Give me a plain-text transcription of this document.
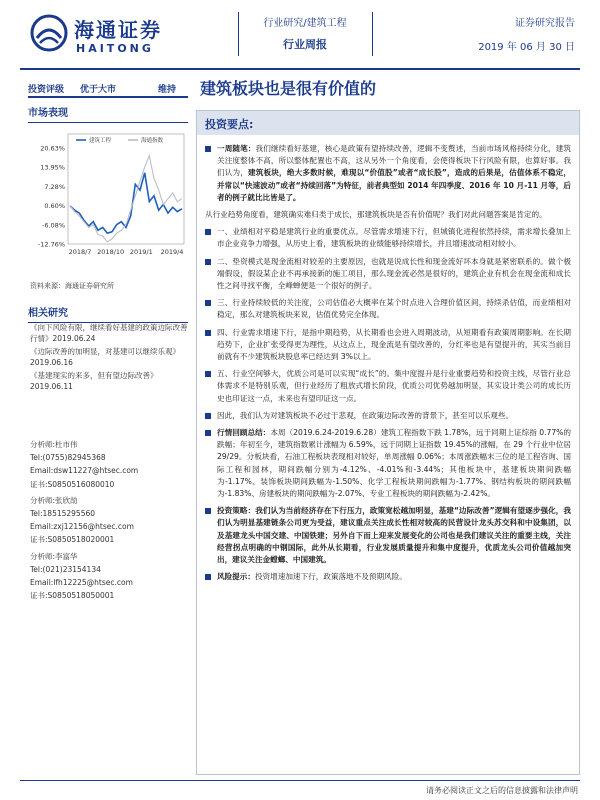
海通证券
HAITONG
行业研究/建筑工程
行业周报
证券研究报告
2019 年 06 月 30 日
投资评级 优于大市	维持 建筑板块也是很有价值的
市场表现
20.63%
13.95%
7.28%
0.60%
-6.08%
-12.76%
2018/7 2018/10 2019/1 2019/4
建筑工程	海通指数
资料来源：海通证券研究所
相关研究
《向下风险有限，继续看好基建的政策边际改善行情》2019.06.24
《边际改善的加明显，对基建可以继续乐观》2019.06.16
《基建现实的来多，但有望边际改善》2019.06.11
分析师:杜市伟
Tel:(0755)82945368
Email:dsw11227@htsec.com
证书:S0850516080010
分析师:张欣劼
Tel:18515295560
Email:zxj12156@htsec.com
证书:S0850518020001
分析师:李富华
Tel:(021)23154134
Email:lfh12225@htsec.com
证书:S0850518050001
投资要点:
一周随笔：我们继续看好基建，核心是政策有望持续改善，逻辑不变赘述，当前市场风格持续分化，建筑关注度整体不高，所以整体配置也不高，这从另外一个角度看，会使得板块下行风险有限，也算好事。我们认为，建筑板块，绝大多数时候，难现以“价值股”或者“成长股”，造成的后果是，估值体系不稳定，并常以“快速波动”或者“持续回落”为特征，前者典型如 2014 年四季度、2016 年 10 月-11 月等，后者的例子就比比皆是了。
从行业趋势角度看，建筑确实难归类于成长，那建筑板块是否有价值呢？我们对此问题答案是肯定的。
一、业绩相对平稳是建筑行业的重要优点。尽管需求增速下行，但城镇化进程依然持续，需求增长叠加上市企业竞争力增强，从历史上看，建筑板块的业绩能够持续增长，并且增速波动相对较小。
二、垫资模式是现金流相对较差的主要原因，也就是说成长性和现金流好坏本身就是紧密联系的。做个极端假设，假设某企业不再承接新的施工项目，那么现金流必然是很好的，建筑企业有机会在现金流和成长性之间寻找平衡，全峰蝉便是一个很好的例子。
三、行业持续较低的关注度，公司估值必大概率在某个时点进入合理价值区间，持续杀估值，而业绩相对稳定，那么对建筑板块来说，估值优势完全体现。
四、行业需求增速下行，是指中期趋势，从长期看也会进入周期波动，从短期看有政策周期影响。在长期趋势下，企业扩张受得更为理性，从这点上，现金流是有望改善的，分红率也是有望提升的，其实当前目前就有不少建筑板块股息率已经达到 3%以上。
五、行业空间够大，优质公司是可以实现“成长”的。集中度提升是行业重要趋势和投资主线，尽管行业总体需求不是特别乐观，但行业经历了粗放式增长阶段，优质公司优势越加明显，其实设计类公司的成长历史也印证这一点，未来也有望印证这一点。
因此，我们认为对建筑板块不必过于悲观，在政策边际改善的背景下，甚至可以乐观些。
行情回顾总结：本周（2019.6.24-2019.6.28）建筑工程指数下跌 1.78%，远于同期上证综指 0.77%的跌幅；年初至今，建筑指数累计涨幅为 6.59%，远于同期上证指数 19.45%的涨幅，在 29 个行业中位居 29/29。分板块看，石油工程板块表现相对较好，单周涨幅 0.06%；本周涨跌幅末三位的是工程咨询、国际工程和园林，期间跌幅分别为-4.12%、-4.01%和-3.44%；其他板块中，基建板块期间跌幅为-1.17%、装饰板块期间跌幅为-1.50%、化学工程板块期间跌幅为-1.77%、钢结构板块的期间跌幅为-1.83%、房建板块的期间跌幅为-2.07%、专业工程板块的期间跌幅为-2.42%。
投资策略：我们认为当前经济存在下行压力，政策宽松越加明显，基建“边际改善”逻辑有望逐步强化，我们认为明显基建链条公司更为受益，建议重点关注成长性相对较高的民营设计龙头苏交科和中设集团，以及基建龙头中国交建、中国铁建；另外自下而上迎来发展变化的公司也是我们建议关注的重要主线，关注经营拐点明确的中钢国际，此外从长期看，行业发展质量提升和集中度提升，优质龙头公司价值越加突出，建议关注金螳螂、中国建筑。
风险提示：投资增速加速下行，政策落地不及预期风险。
请务必阅读正文之后的信息披露和法律声明
